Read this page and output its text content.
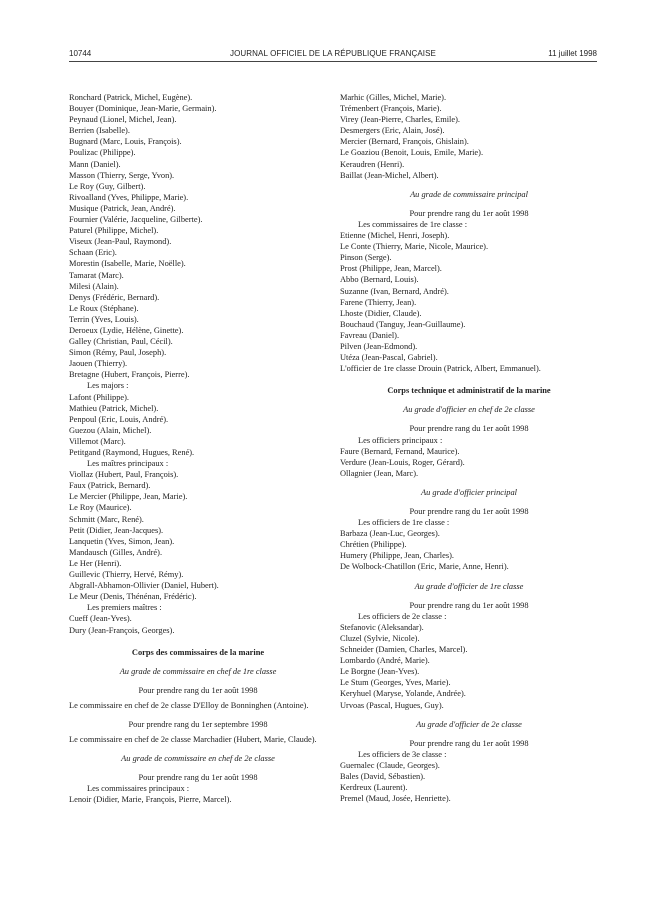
10744	JOURNAL OFFICIEL DE LA RÉPUBLIQUE FRANÇAISE	11 juillet 1998
Ronchard (Patrick, Michel, Eugène).
Bouyer (Dominique, Jean-Marie, Germain).
Peynaud (Lionel, Michel, Jean).
Berrien (Isabelle).
Bugnard (Marc, Louis, François).
Poulizac (Philippe).
Mann (Daniel).
Masson (Thierry, Serge, Yvon).
Le Roy (Guy, Gilbert).
Rivoalland (Yves, Philippe, Marie).
Musique (Patrick, Jean, André).
Fournier (Valérie, Jacqueline, Gilberte).
Paturel (Philippe, Michel).
Viseux (Jean-Paul, Raymond).
Schaan (Eric).
Morestin (Isabelle, Marie, Noëlle).
Tamarat (Marc).
Milesi (Alain).
Denys (Frédéric, Bernard).
Le Roux (Stéphane).
Terrin (Yves, Louis).
Deroeux (Lydie, Hélène, Ginette).
Galley (Christian, Paul, Cécil).
Simon (Rémy, Paul, Joseph).
Jaouen (Thierry).
Bretagne (Hubert, François, Pierre).
Les majors :
Lafont (Philippe).
Mathieu (Patrick, Michel).
Penpoul (Eric, Louis, André).
Guezou (Alain, Michel).
Villemot (Marc).
Petitgand (Raymond, Hugues, René).
Les maîtres principaux :
Viollaz (Hubert, Paul, François).
Faux (Patrick, Bernard).
Le Mercier (Philippe, Jean, Marie).
Le Roy (Maurice).
Schmitt (Marc, René).
Petit (Didier, Jean-Jacques).
Lanquetin (Yves, Simon, Jean).
Mandausch (Gilles, André).
Le Her (Henri).
Guillevic (Thierry, Hervé, Rémy).
Abgrall-Abhamon-Ollivier (Daniel, Hubert).
Le Meur (Denis, Thénénan, Frédéric).
Les premiers maîtres :
Cueff (Jean-Yves).
Dury (Jean-François, Georges).
Corps des commissaires de la marine
Au grade de commissaire en chef de 1re classe
Pour prendre rang du 1er août 1998
Le commissaire en chef de 2e classe D'Elloy de Bonninghen (Antoine).
Pour prendre rang du 1er septembre 1998
Le commissaire en chef de 2e classe Marchadier (Hubert, Marie, Claude).
Au grade de commissaire en chef de 2e classe
Pour prendre rang du 1er août 1998
Les commissaires principaux :
Lenoir (Didier, Marie, François, Pierre, Marcel).
Marhic (Gilles, Michel, Marie).
Trémenbert (François, Marie).
Virey (Jean-Pierre, Charles, Emile).
Desmergers (Eric, Alain, José).
Mercier (Bernard, François, Ghislain).
Le Goaziou (Benoit, Louis, Emile, Marie).
Keraudren (Henri).
Baillat (Jean-Michel, Albert).
Au grade de commissaire principal
Pour prendre rang du 1er août 1998
Les commissaires de 1re classe :
Etienne (Michel, Henri, Joseph).
Le Conte (Thierry, Marie, Nicole, Maurice).
Pinson (Serge).
Prost (Philippe, Jean, Marcel).
Abbo (Bernard, Louis).
Suzanne (Ivan, Bernard, André).
Farene (Thierry, Jean).
Lhoste (Didier, Claude).
Bouchaud (Tanguy, Jean-Guillaume).
Favreau (Daniel).
Pilven (Jean-Edmond).
Utéza (Jean-Pascal, Gabriel).
L'officier de 1re classe Drouin (Patrick, Albert, Emmanuel).
Corps technique et administratif de la marine
Au grade d'officier en chef de 2e classe
Pour prendre rang du 1er août 1998
Les officiers principaux :
Faure (Bernard, Fernand, Maurice).
Verdure (Jean-Louis, Roger, Gérard).
Ollagnier (Jean, Marc).
Au grade d'officier principal
Pour prendre rang du 1er août 1998
Les officiers de 1re classe :
Barbaza (Jean-Luc, Georges).
Chrétien (Philippe).
Humery (Philippe, Jean, Charles).
De Wolbock-Chatillon (Eric, Marie, Anne, Henri).
Au grade d'officier de 1re classe
Pour prendre rang du 1er août 1998
Les officiers de 2e classe :
Stefanovic (Aleksandar).
Cluzel (Sylvie, Nicole).
Schneider (Damien, Charles, Marcel).
Lombardo (André, Marie).
Le Borgne (Jean-Yves).
Le Stum (Georges, Yves, Marie).
Keryhuel (Maryse, Yolande, Andrée).
Urvoas (Pascal, Hugues, Guy).
Au grade d'officier de 2e classe
Pour prendre rang du 1er août 1998
Les officiers de 3e classe :
Guernalec (Claude, Georges).
Bales (David, Sébastien).
Kerdreux (Laurent).
Premel (Maud, Josée, Henriette).
